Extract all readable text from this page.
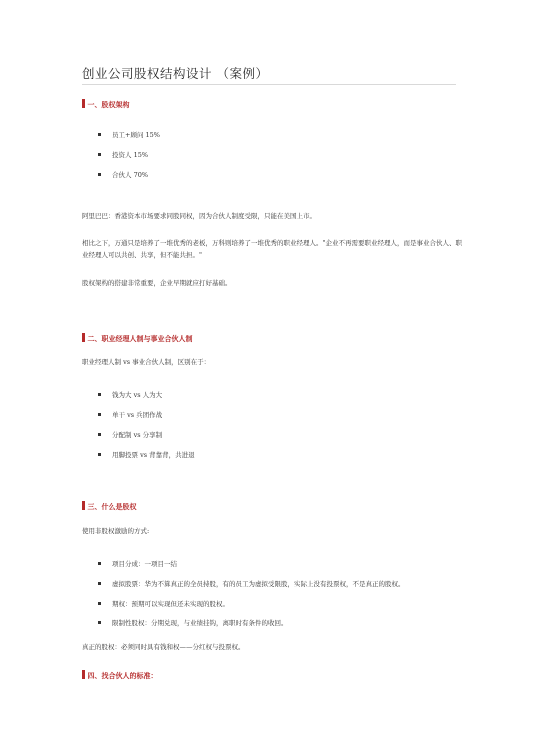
创业公司股权结构设计 （案例）
一、股权架构
员工+顾问 15%
投资人 15%
合伙人 70%
阿里巴巴：香港资本市场要求同股同权，因为合伙人制度受限，只能在美国上市。
相比之下，万通只是培养了一堆优秀的老板，万科则培养了一堆优秀的职业经理人。"企业不再需要职业经理人，而是事业合伙人、职业经理人可以共创、共享，但不能共担。"
股权架构的搭建非常重要，企业早期就应打好基础。
二、职业经理人制与事业合伙人制
职业经理人制 vs 事业合伙人制，区别在于：
钱为大 vs 人为大
单干 vs 兵团作战
分配制 vs 分享制
用脚投票 vs 背靠背，共进退
三、什么是股权
使用非股权激励的方式:
项目分成：一项目一结
虚拟股票：华为不算真正的全员持股，有的员工为虚拟受限股，实际上没有投票权，不是真正的股权。
期权：预期可以实现但还未实现的股权。
限制性股权：分期兑现，与业绩挂钩，离职时有条件的收回。
真正的股权：必须同时具有钱和权——分红权与投票权。
四、找合伙人的标准：
